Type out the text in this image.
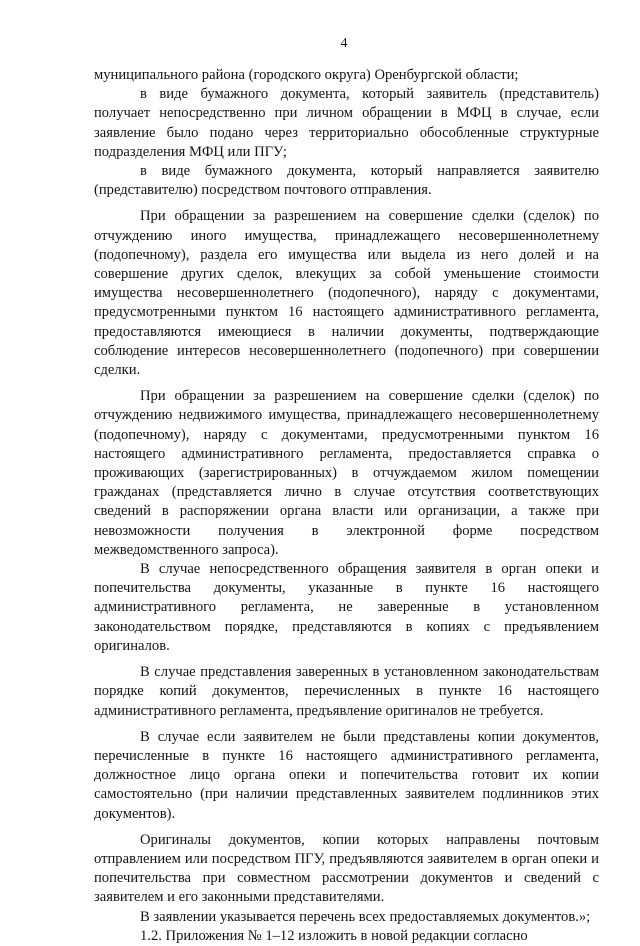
4

муниципального района (городского округа) Оренбургской области;

в виде бумажного документа, который заявитель (представитель) получает непосредственно при личном обращении в МФЦ в случае, если заявление было подано через территориально обособленные структурные подразделения МФЦ или ПГУ;

в виде бумажного документа, который направляется заявителю (представителю) посредством почтового отправления.

При обращении за разрешением на совершение сделки (сделок) по отчуждению иного имущества, принадлежащего несовершеннолетнему (подопечному), раздела его имущества или выдела из него долей и на совершение других сделок, влекущих за собой уменьшение стоимости имущества несовершеннолетнего (подопечного), наряду с документами, предусмотренными пунктом 16 настоящего административного регламента, предоставляются имеющиеся в наличии документы, подтверждающие соблюдение интересов несовершеннолетнего (подопечного) при совершении сделки.

При обращении за разрешением на совершение сделки (сделок) по отчуждению недвижимого имущества, принадлежащего несовершеннолетнему (подопечному), наряду с документами, предусмотренными пунктом 16 настоящего административного регламента, предоставляется справка о проживающих (зарегистрированных) в отчуждаемом жилом помещении гражданах (представляется лично в случае отсутствия соответствующих сведений в распоряжении органа власти или организации, а также при невозможности получения в электронной форме посредством межведомственного запроса).

В случае непосредственного обращения заявителя в орган опеки и попечительства документы, указанные в пункте 16 настоящего административного регламента, не заверенные в установленном законодательством порядке, представляются в копиях с предъявлением оригиналов.

В случае представления заверенных в установленном законодательствам порядке копий документов, перечисленных в пункте 16 настоящего административного регламента, предъявление оригиналов не требуется.

В случае если заявителем не были представлены копии документов, перечисленные в пункте 16 настоящего административного регламента, должностное лицо органа опеки и попечительства готовит их копии самостоятельно (при наличии представленных заявителем подлинников этих документов).

Оригиналы документов, копии которых направлены почтовым отправлением или посредством ПГУ, предъявляются заявителем в орган опеки и попечительства при совместном рассмотрении документов и сведений с заявителем и его законными представителями.

В заявлении указывается перечень всех предоставляемых документов.»;

1.2. Приложения № 1–12 изложить в новой редакции согласно
